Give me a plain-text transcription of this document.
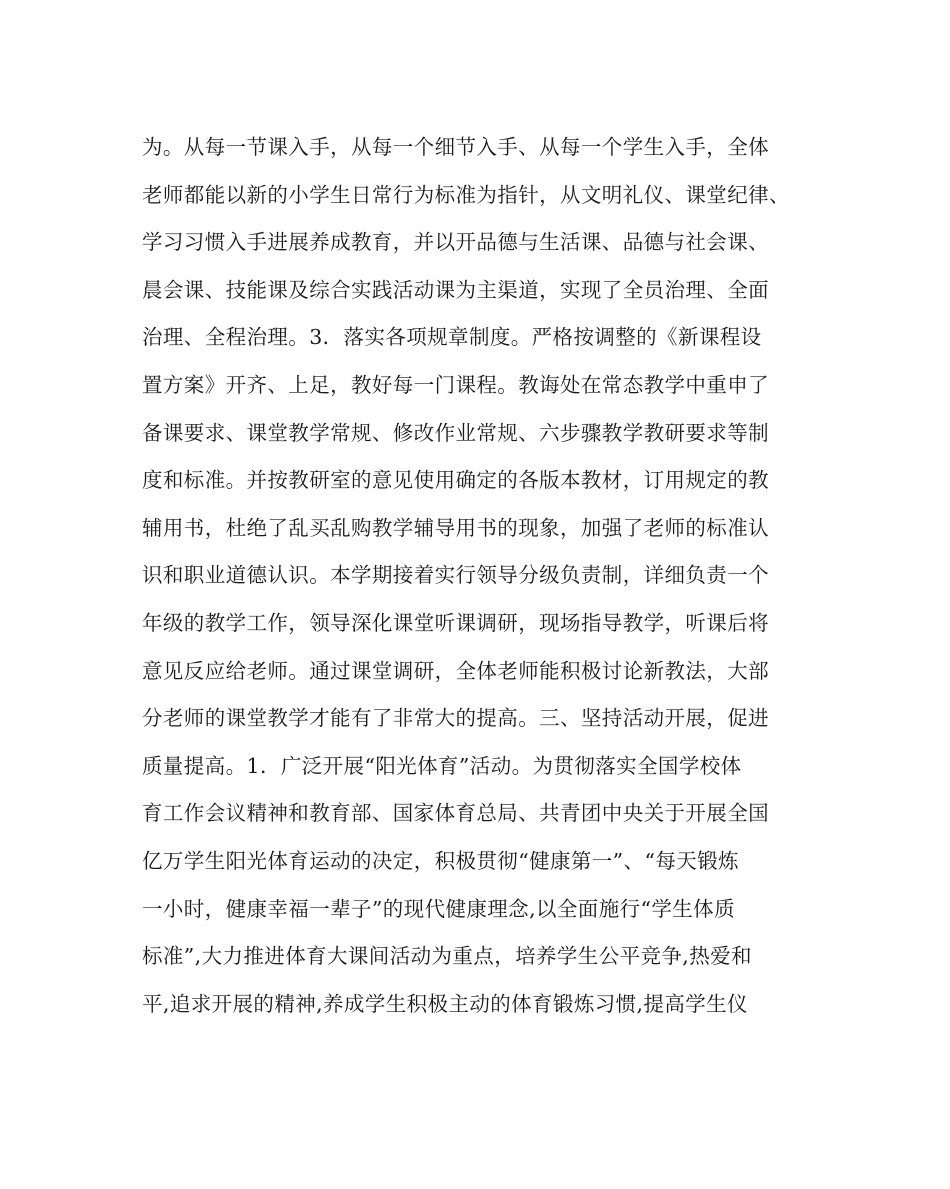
为。从每一节课入手，从每一个细节入手、从每一个学生入手，全体
老师都能以新的小学生日常行为标准为指针，从文明礼仪、课堂纪律、
学习习惯入手进展养成教育，并以开品德与生活课、品德与社会课、
晨会课、技能课及综合实践活动课为主渠道，实现了全员治理、全面
治理、全程治理。3．落实各项规章制度。严格按调整的《新课程设
置方案》开齐、上足，教好每一门课程。教诲处在常态教学中重申了
备课要求、课堂教学常规、修改作业常规、六步骤教学教研要求等制
度和标准。并按教研室的意见使用确定的各版本教材，订用规定的教
辅用书，杜绝了乱买乱购教学辅导用书的现象，加强了老师的标准认
识和职业道德认识。本学期接着实行领导分级负责制，详细负责一个
年级的教学工作，领导深化课堂听课调研，现场指导教学，听课后将
意见反应给老师。通过课堂调研，全体老师能积极讨论新教法，大部
分老师的课堂教学才能有了非常大的提高。三、坚持活动开展，促进
质量提高。1．广泛开展“阳光体育”活动。为贯彻落实全国学校体
育工作会议精神和教育部、国家体育总局、共青团中央关于开展全国
亿万学生阳光体育运动的决定，积极贯彻“健康第一”、“每天锻炼
一小时，健康幸福一辈子”的现代健康理念,以全面施行“学生体质
标准”,大力推进体育大课间活动为重点，培养学生公平竞争,热爱和
平,追求开展的精神,养成学生积极主动的体育锻炼习惯,提高学生仪
